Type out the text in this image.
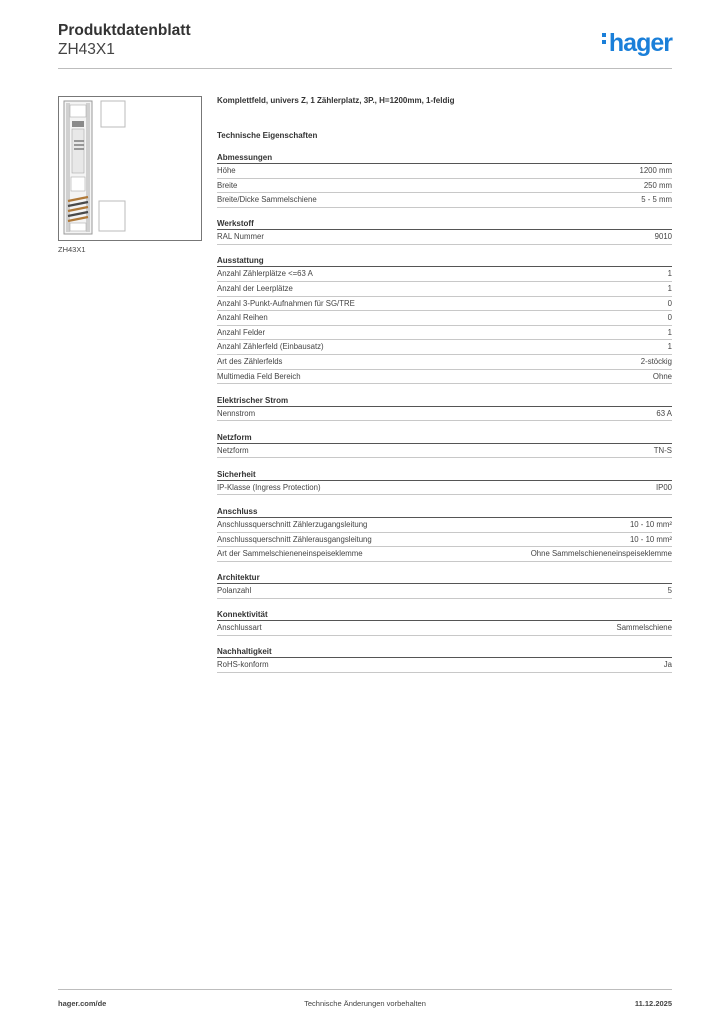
Produktdatenblatt
ZH43X1	hager
ZH43X1
Komplettfeld, univers Z, 1 Zählerplatz, 3P., H=1200mm, 1-feldig
Technische Eigenschaften
Abmessungen
Höhe	1200 mm
Breite	250 mm
Breite/Dicke Sammelschiene	5 - 5 mm
Werkstoff
RAL Nummer	9010
Ausstattung
Anzahl Zählerplätze <=63 A	1
Anzahl der Leerplätze	1
Anzahl 3-Punkt-Aufnahmen für SG/TRE	0
Anzahl Reihen	0
Anzahl Felder	1
Anzahl Zählerfeld (Einbausatz)	1
Art des Zählerfelds	2-stöckig
Multimedia Feld Bereich	Ohne
Elektrischer Strom
Nennstrom	63 A
Netzform
Netzform	TN-S
Sicherheit
IP-Klasse (Ingress Protection)	IP00
Anschluss
Anschlussquerschnitt Zählerzugangsleitung	10 - 10 mm²
Anschlussquerschnitt Zählerausgangsleitung	10 - 10 mm²
Art der Sammelschieneneinspeiseklemme	Ohne Sammelschieneneinspeiseklemme
Architektur
Polanzahl	5
Konnektivität
Anschlussart	Sammelschiene
Nachhaltigkeit
RoHS-konform	Ja
hager.com/de	Technische Änderungen vorbehalten	11.12.2025
